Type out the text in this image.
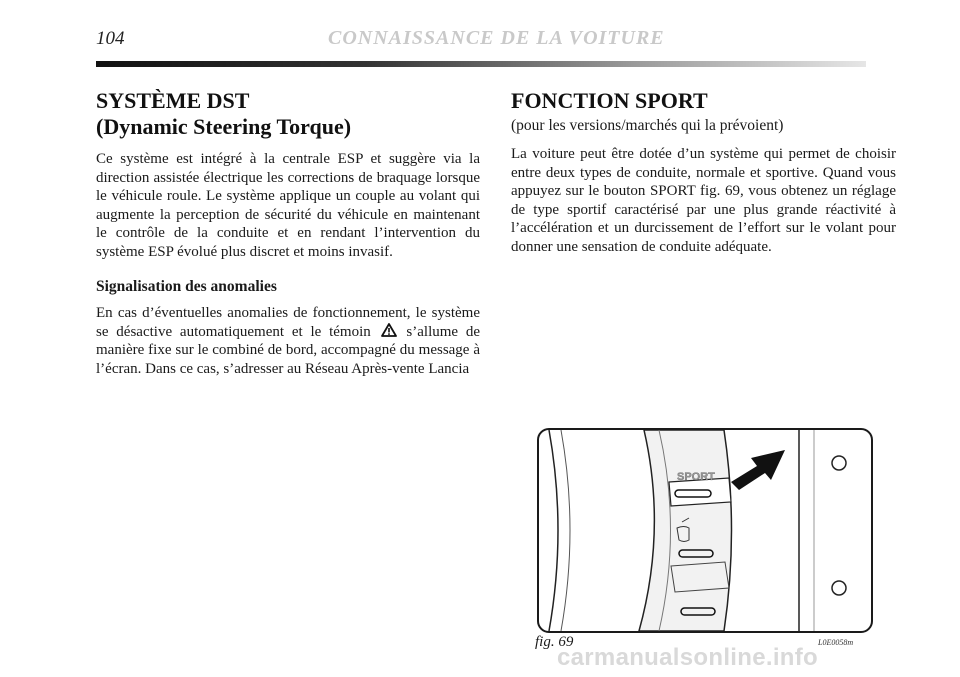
104	CONNAISSANCE DE LA VOITURE
SYSTÈME DST
(Dynamic Steering Torque)

Ce système est intégré à la centrale ESP et suggère via la direction assistée électrique les corrections de braquage lorsque le véhicule roule. Le système applique un couple au volant qui augmente la perception de sécurité du véhicule en maintenant le contrôle de la conduite et en rendant l’intervention du système ESP évolué plus discret et moins invasif.

Signalisation des anomalies

En cas d’éventuelles anomalies de fonctionnement, le système se désactive automatiquement et le témoin s’allume de manière fixe sur le combiné de bord, accompagné du message à l’écran. Dans ce cas, s’adresser au Réseau Après-vente Lancia

FONCTION SPORT
(pour les versions/marchés qui la prévoient)

La voiture peut être dotée d’un système qui permet de choisir entre deux types de conduite, normale et sportive. Quand vous appuyez sur le bouton SPORT fig. 69, vous obtenez un réglage de type sportif caractérisé par une plus grande réactivité à l’accélération et un durcissement de l’effort sur le volant pour donner une sensation de conduite adéquate.

SPORT
fig. 69	L0E0058m
carmanualsonline.info
